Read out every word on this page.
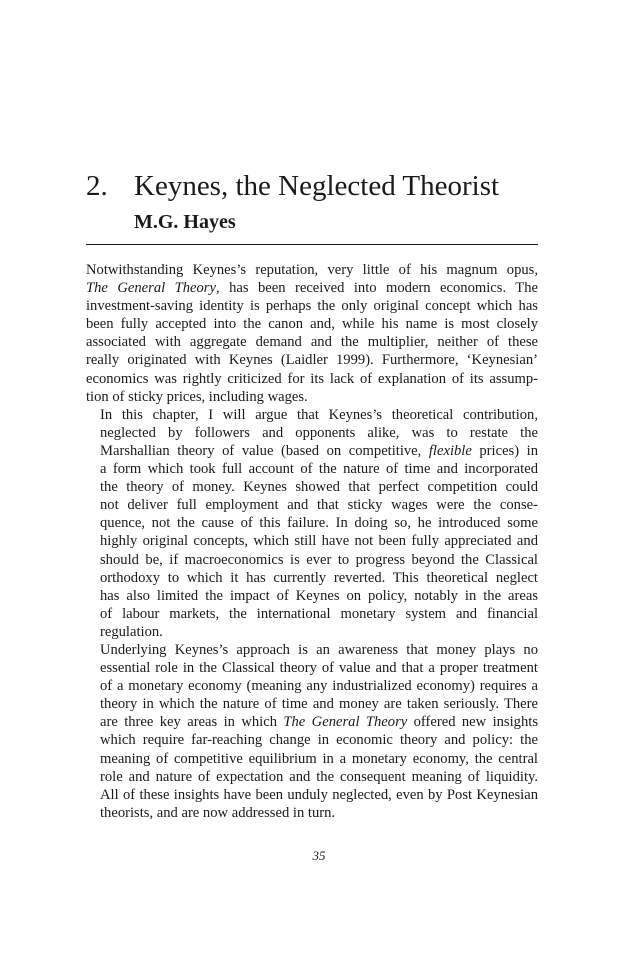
2. Keynes, the Neglected Theorist
M.G. Hayes

Notwithstanding Keynes’s reputation, very little of his magnum opus,
The General Theory, has been received into modern economics. The
investment-saving identity is perhaps the only original concept which has
been fully accepted into the canon and, while his name is most closely
associated with aggregate demand and the multiplier, neither of these
really originated with Keynes (Laidler 1999). Furthermore, ‘Keynesian’
economics was rightly criticized for its lack of explanation of its assump-
tion of sticky prices, including wages.

In this chapter, I will argue that Keynes’s theoretical contribution,
neglected by followers and opponents alike, was to restate the
Marshallian theory of value (based on competitive, flexible prices) in
a form which took full account of the nature of time and incorporated
the theory of money. Keynes showed that perfect competition could
not deliver full employment and that sticky wages were the conse-
quence, not the cause of this failure. In doing so, he introduced some
highly original concepts, which still have not been fully appreciated and
should be, if macroeconomics is ever to progress beyond the Classical
orthodoxy to which it has currently reverted. This theoretical neglect
has also limited the impact of Keynes on policy, notably in the areas
of labour markets, the international monetary system and financial
regulation.

Underlying Keynes’s approach is an awareness that money plays no
essential role in the Classical theory of value and that a proper treatment
of a monetary economy (meaning any industrialized economy) requires a
theory in which the nature of time and money are taken seriously. There
are three key areas in which The General Theory offered new insights
which require far-reaching change in economic theory and policy: the
meaning of competitive equilibrium in a monetary economy, the central
role and nature of expectation and the consequent meaning of liquidity.
All of these insights have been unduly neglected, even by Post Keynesian
theorists, and are now addressed in turn.

35
